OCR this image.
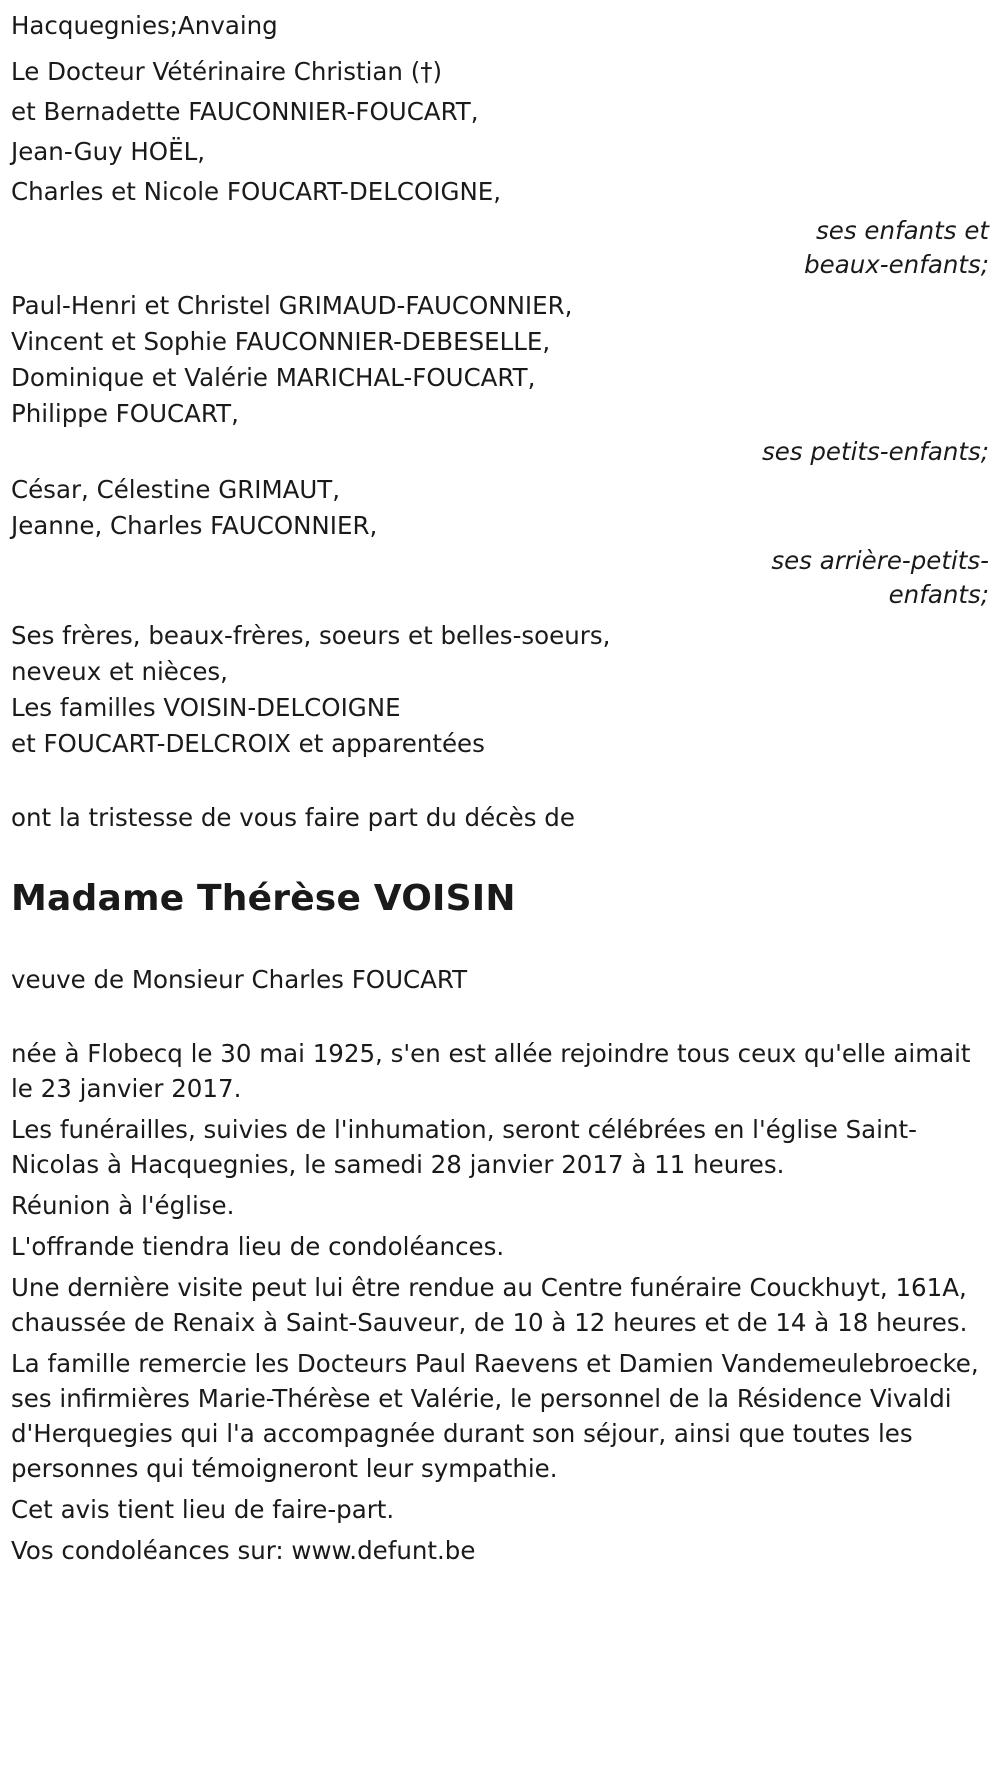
Hacquegnies;Anvaing
Le Docteur Vétérinaire Christian (†)
et Bernadette FAUCONNIER-FOUCART,
Jean-Guy HOËL,
Charles et Nicole FOUCART-DELCOIGNE,
ses enfants et
beaux-enfants;
Paul-Henri et Christel GRIMAUD-FAUCONNIER,
Vincent et Sophie FAUCONNIER-DEBESELLE,
Dominique et Valérie MARICHAL-FOUCART,
Philippe FOUCART,
ses petits-enfants;
César, Célestine GRIMAUT,
Jeanne, Charles FAUCONNIER,
ses arrière-petits-
enfants;
Ses frères, beaux-frères, soeurs et belles-soeurs,
neveux et nièces,
Les familles VOISIN-DELCOIGNE
et FOUCART-DELCROIX et apparentées
ont la tristesse de vous faire part du décès de
Madame Thérèse VOISIN
veuve de Monsieur Charles FOUCART

née à Flobecq le 30 mai 1925, s'en est allée rejoindre tous ceux qu'elle aimait le 23 janvier 2017.

Les funérailles, suivies de l'inhumation, seront célébrées en l'église Saint-Nicolas à Hacquegnies, le samedi 28 janvier 2017 à 11 heures.

Réunion à l'église.

L'offrande tiendra lieu de condoléances.

Une dernière visite peut lui être rendue au Centre funéraire Couckhuyt, 161A, chaussée de Renaix à Saint-Sauveur, de 10 à 12 heures et de 14 à 18 heures.

La famille remercie les Docteurs Paul Raevens et Damien Vandemeulebroecke, ses infirmières Marie-Thérèse et Valérie, le personnel de la Résidence Vivaldi d'Herquegies qui l'a accompagnée durant son séjour, ainsi que toutes les personnes qui témoigneront leur sympathie.

Cet avis tient lieu de faire-part.

Vos condoléances sur: www.defunt.be
